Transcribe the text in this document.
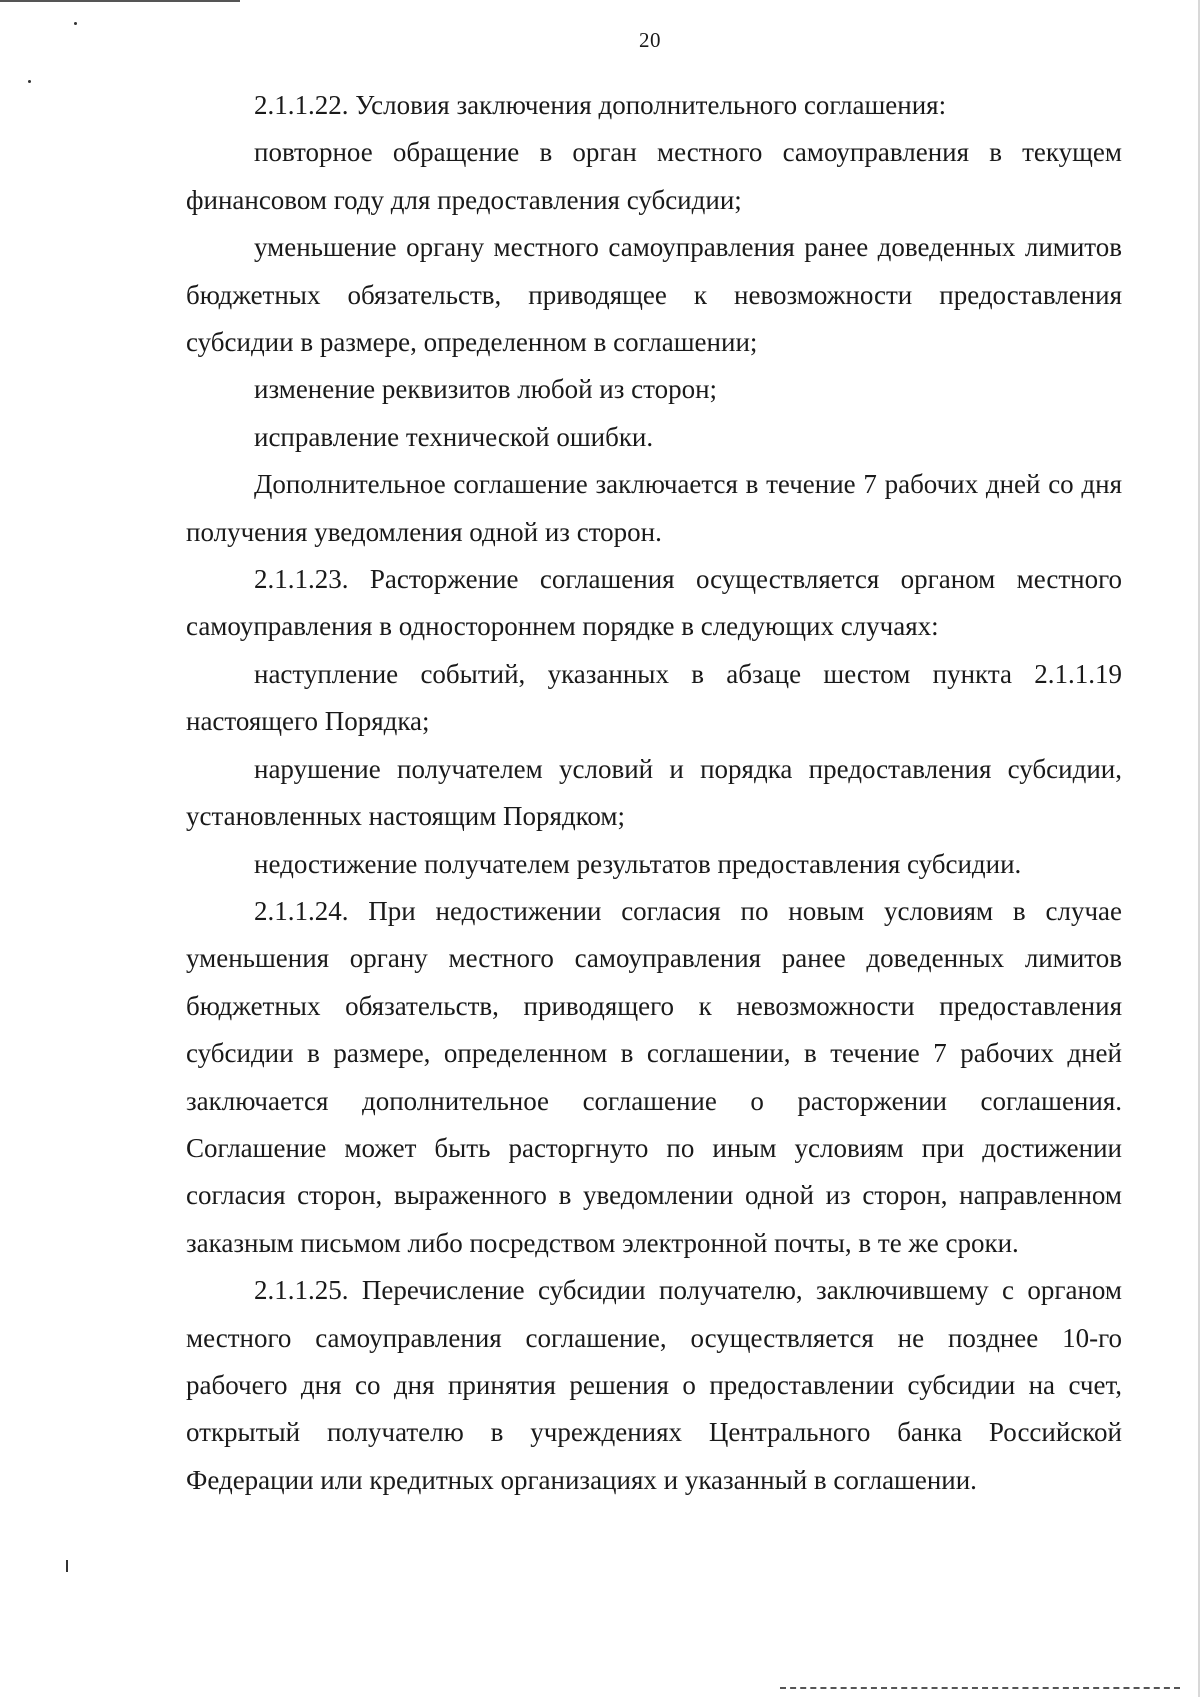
20

2.1.1.22. Условия заключения дополнительного соглашения:

повторное обращение в орган местного самоуправления в текущем финансовом году для предоставления субсидии;

уменьшение органу местного самоуправления ранее доведенных лимитов бюджетных обязательств, приводящее к невозможности предоставления субсидии в размере, определенном в соглашении;

изменение реквизитов любой из сторон;

исправление технической ошибки.

Дополнительное соглашение заключается в течение 7 рабочих дней со дня получения уведомления одной из сторон.

2.1.1.23. Расторжение соглашения осуществляется органом местного самоуправления в одностороннем порядке в следующих случаях:

наступление событий, указанных в абзаце шестом пункта 2.1.1.19 настоящего Порядка;

нарушение получателем условий и порядка предоставления субсидии, установленных настоящим Порядком;

недостижение получателем результатов предоставления субсидии.

2.1.1.24. При недостижении согласия по новым условиям в случае уменьшения органу местного самоуправления ранее доведенных лимитов бюджетных обязательств, приводящего к невозможности предоставления субсидии в размере, определенном в соглашении, в течение 7 рабочих дней заключается дополнительное соглашение о расторжении соглашения. Соглашение может быть расторгнуто по иным условиям при достижении согласия сторон, выраженного в уведомлении одной из сторон, направленном заказным письмом либо посредством электронной почты, в те же сроки.

2.1.1.25. Перечисление субсидии получателю, заключившему с органом местного самоуправления соглашение, осуществляется не позднее 10-го рабочего дня со дня принятия решения о предоставлении субсидии на счет, открытый получателю в учреждениях Центрального банка Российской Федерации или кредитных организациях и указанный в соглашении.
